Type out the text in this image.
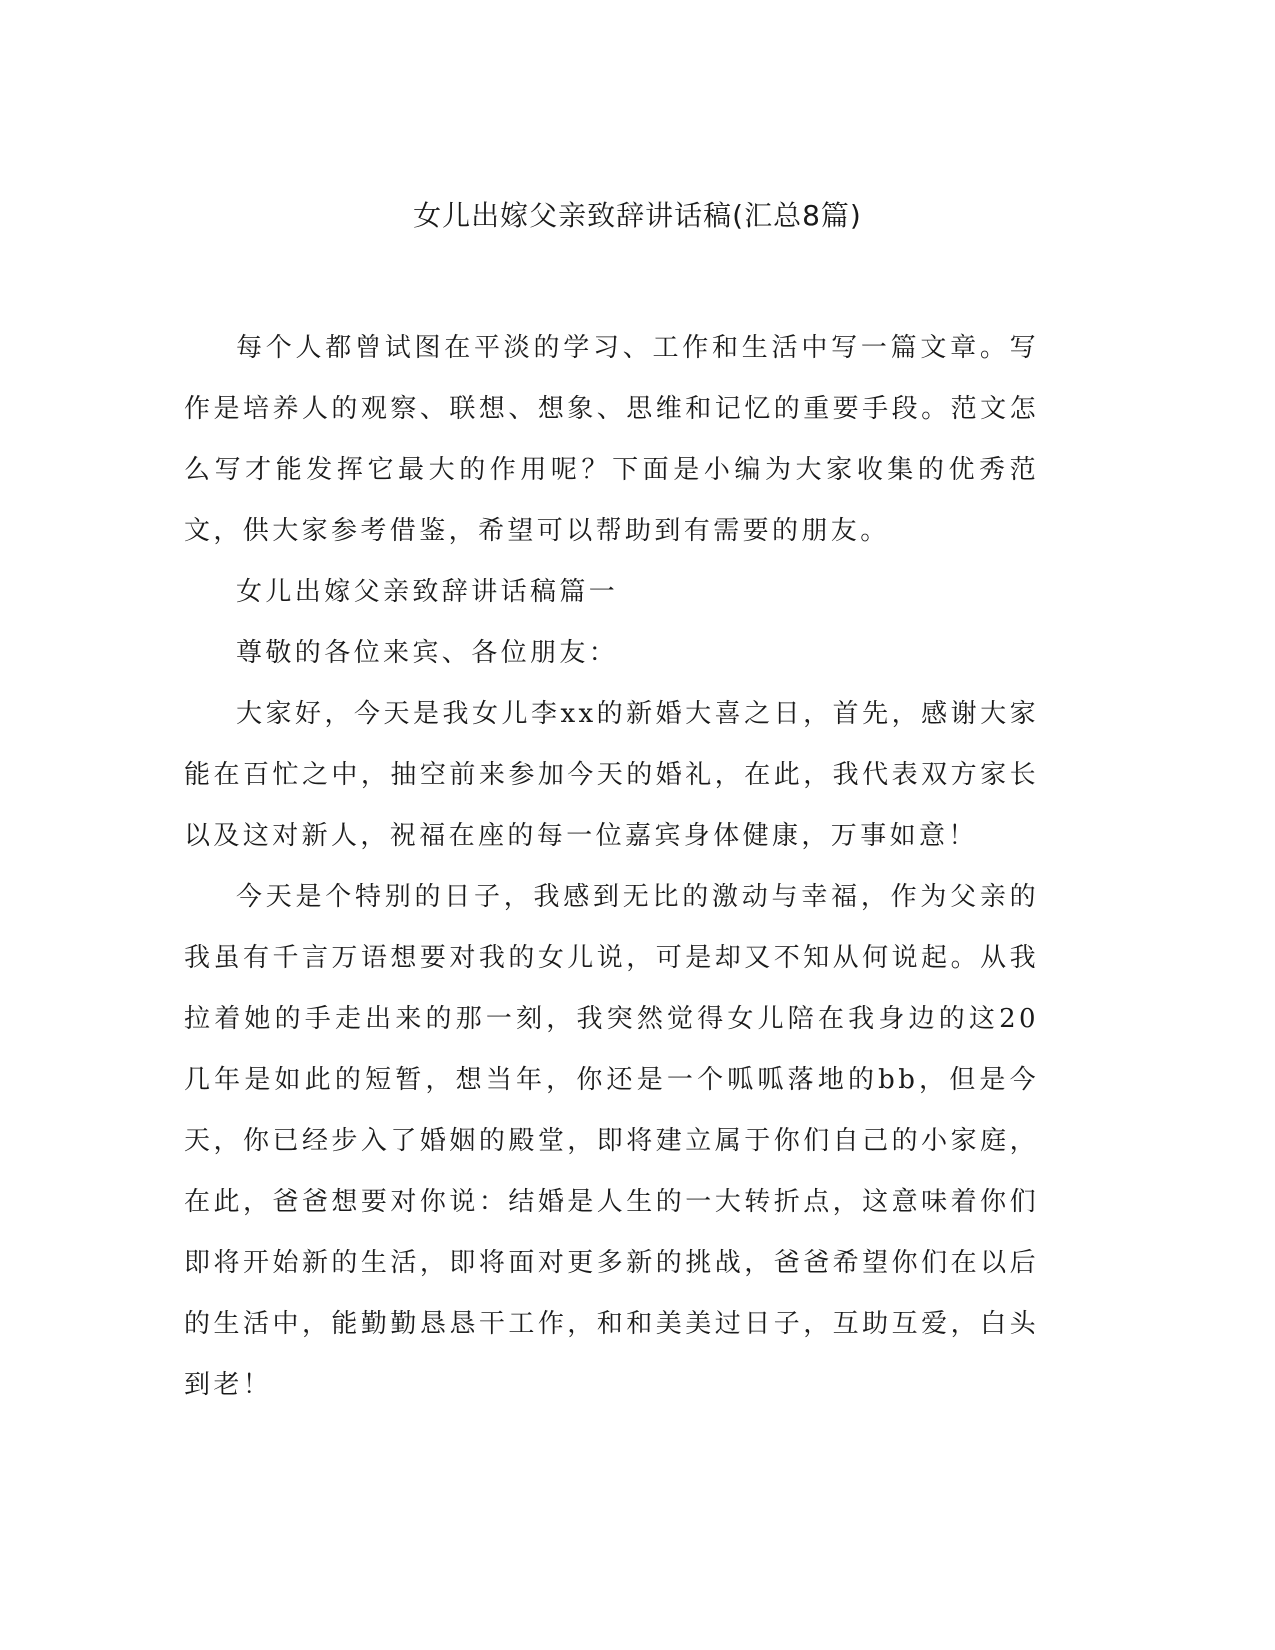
女儿出嫁父亲致辞讲话稿(汇总8篇)

每个人都曾试图在平淡的学习、工作和生活中写一篇文章。写作是培养人的观察、联想、想象、思维和记忆的重要手段。范文怎么写才能发挥它最大的作用呢？下面是小编为大家收集的优秀范文，供大家参考借鉴，希望可以帮助到有需要的朋友。

女儿出嫁父亲致辞讲话稿篇一

尊敬的各位来宾、各位朋友：

大家好，今天是我女儿李xx的新婚大喜之日，首先，感谢大家能在百忙之中，抽空前来参加今天的婚礼，在此，我代表双方家长以及这对新人，祝福在座的每一位嘉宾身体健康，万事如意！

今天是个特别的日子，我感到无比的激动与幸福，作为父亲的我虽有千言万语想要对我的女儿说，可是却又不知从何说起。从我拉着她的手走出来的那一刻，我突然觉得女儿陪在我身边的这20几年是如此的短暂，想当年，你还是一个呱呱落地的bb，但是今天，你已经步入了婚姻的殿堂，即将建立属于你们自己的小家庭，在此，爸爸想要对你说：结婚是人生的一大转折点，这意味着你们即将开始新的生活，即将面对更多新的挑战，爸爸希望你们在以后的生活中，能勤勤恳恳干工作，和和美美过日子，互助互爱，白头到老！
